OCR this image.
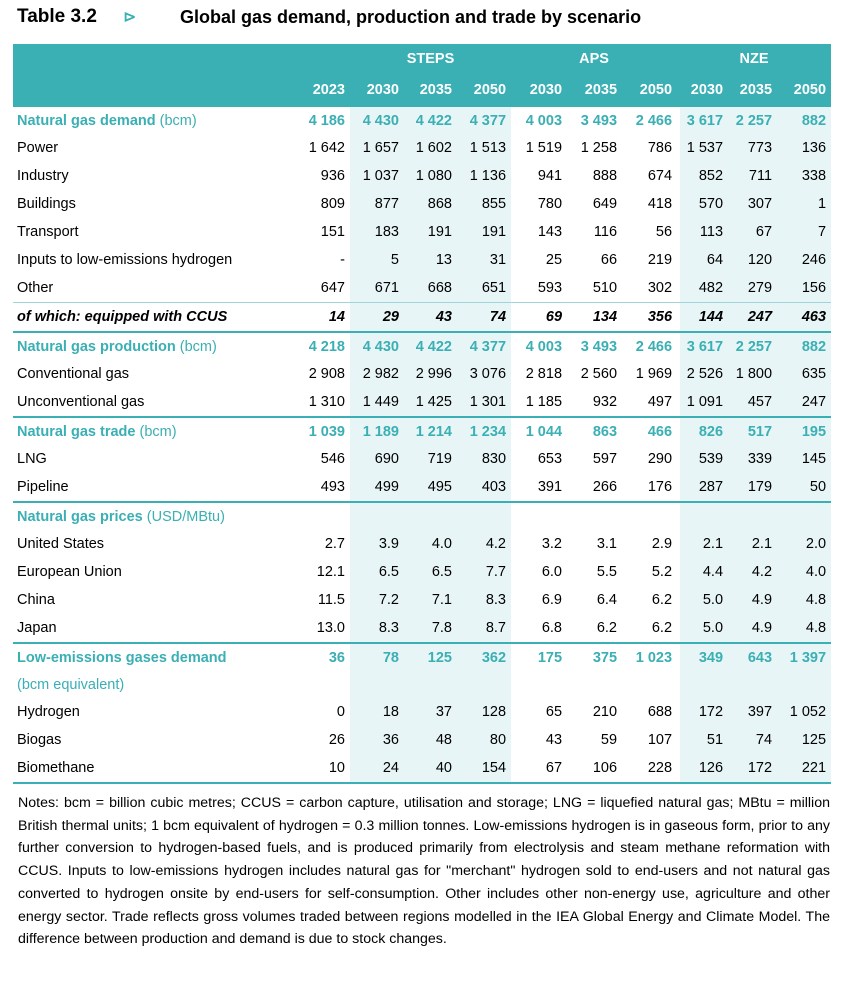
Table 3.2 ⊳ Global gas demand, production and trade by scenario
		STEPS			APS			NZE		
	2023	2030	2035	2050	2030	2035	2050	2030	2035	2050
Natural gas demand (bcm)	4 186	4 430	4 422	4 377	4 003	3 493	2 466	3 617	2 257	882
Power	1 642	1 657	1 602	1 513	1 519	1 258	786	1 537	773	136
Industry	936	1 037	1 080	1 136	941	888	674	852	711	338
Buildings	809	877	868	855	780	649	418	570	307	1
Transport	151	183	191	191	143	116	56	113	67	7
Inputs to low-emissions hydrogen	-	5	13	31	25	66	219	64	120	246
Other	647	671	668	651	593	510	302	482	279	156
of which: equipped with CCUS	14	29	43	74	69	134	356	144	247	463
Natural gas production (bcm)	4 218	4 430	4 422	4 377	4 003	3 493	2 466	3 617	2 257	882
Conventional gas	2 908	2 982	2 996	3 076	2 818	2 560	1 969	2 526	1 800	635
Unconventional gas	1 310	1 449	1 425	1 301	1 185	932	497	1 091	457	247
Natural gas trade (bcm)	1 039	1 189	1 214	1 234	1 044	863	466	826	517	195
LNG	546	690	719	830	653	597	290	539	339	145
Pipeline	493	499	495	403	391	266	176	287	179	50
Natural gas prices (USD/MBtu)										
United States	2.7	3.9	4.0	4.2	3.2	3.1	2.9	2.1	2.1	2.0
European Union	12.1	6.5	6.5	7.7	6.0	5.5	5.2	4.4	4.2	4.0
China	11.5	7.2	7.1	8.3	6.9	6.4	6.2	5.0	4.9	4.8
Japan	13.0	8.3	7.8	8.7	6.8	6.2	6.2	5.0	4.9	4.8
Low-emissions gases demand	36	78	125	362	175	375	1 023	349	643	1 397
(bcm equivalent)										
Hydrogen	0	18	37	128	65	210	688	172	397	1 052
Biogas	26	36	48	80	43	59	107	51	74	125
Biomethane	10	24	40	154	67	106	228	126	172	221
Notes: bcm = billion cubic metres; CCUS = carbon capture, utilisation and storage; LNG = liquefied natural gas; MBtu = million British thermal units; 1 bcm equivalent of hydrogen = 0.3 million tonnes. Low-emissions hydrogen is in gaseous form, prior to any further conversion to hydrogen-based fuels, and is produced primarily from electrolysis and steam methane reformation with CCUS. Inputs to low-emissions hydrogen includes natural gas for "merchant" hydrogen sold to end-users and not natural gas converted to hydrogen onsite by end-users for self-consumption. Other includes other non-energy use, agriculture and other energy sector. Trade reflects gross volumes traded between regions modelled in the IEA Global Energy and Climate Model. The difference between production and demand is due to stock changes.
